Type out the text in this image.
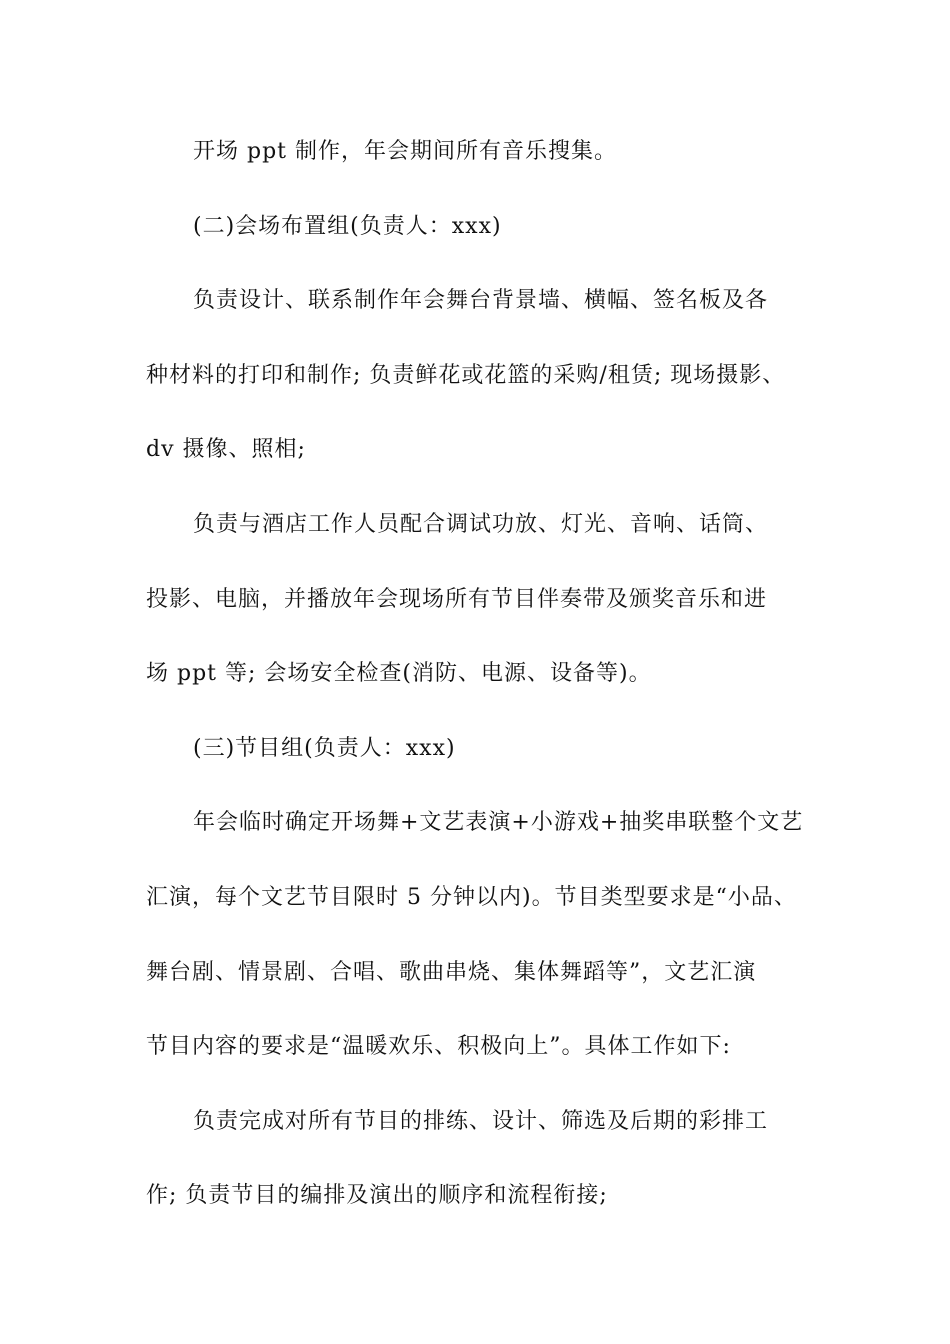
开场 ppt 制作，年会期间所有音乐搜集。
(二)会场布置组(负责人：xxx)
负责设计、联系制作年会舞台背景墙、横幅、签名板及各
种材料的打印和制作; 负责鲜花或花篮的采购/租赁; 现场摄影、
dv 摄像、照相;
负责与酒店工作人员配合调试功放、灯光、音响、话筒、
投影、电脑，并播放年会现场所有节目伴奏带及颁奖音乐和进
场 ppt 等; 会场安全检查(消防、电源、设备等)。
(三)节目组(负责人：xxx)
年会临时确定开场舞+文艺表演+小游戏+抽奖串联整个文艺
汇演，每个文艺节目限时 5 分钟以内)。节目类型要求是“小品、
舞台剧、情景剧、合唱、歌曲串烧、集体舞蹈等”，文艺汇演
节目内容的要求是“温暖欢乐、积极向上”。具体工作如下:
负责完成对所有节目的排练、设计、筛选及后期的彩排工
作; 负责节目的编排及演出的顺序和流程衔接;
